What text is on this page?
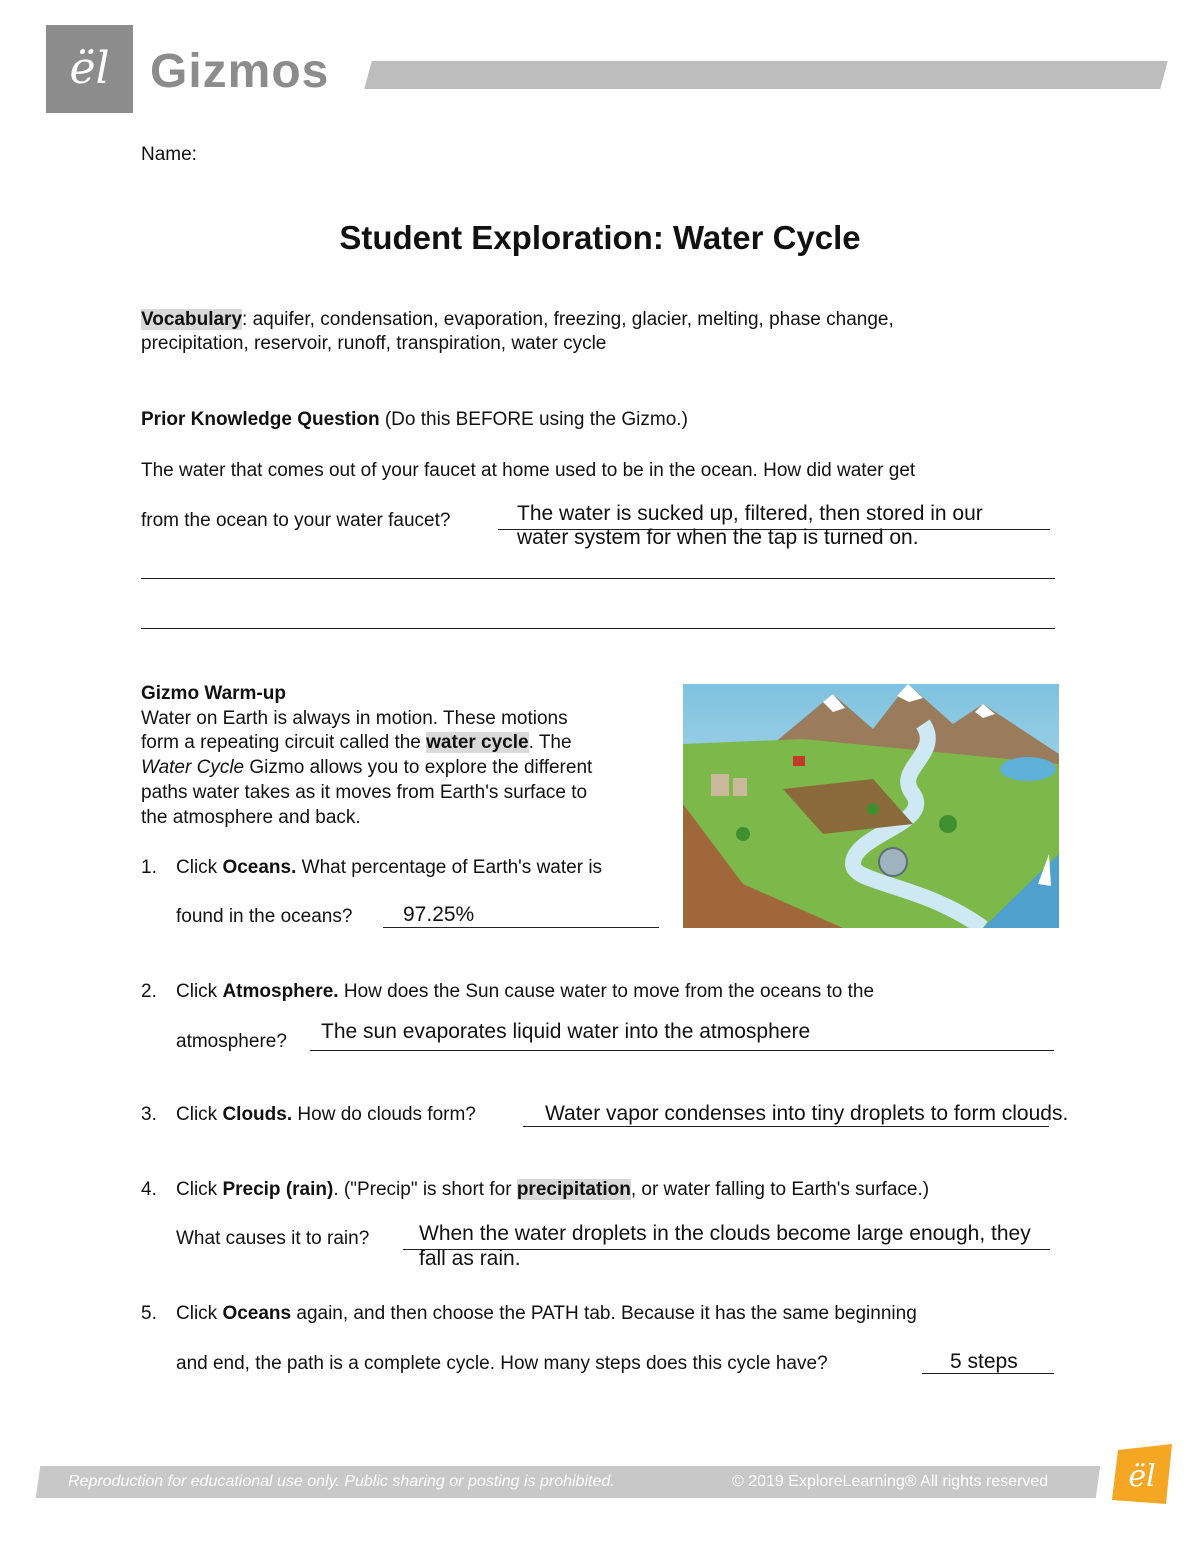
ël Gizmos
Name:
Student Exploration: Water Cycle
Vocabulary: aquifer, condensation, evaporation, freezing, glacier, melting, phase change,
precipitation, reservoir, runoff, transpiration, water cycle
Prior Knowledge Question (Do this BEFORE using the Gizmo.)
The water that comes out of your faucet at home used to be in the ocean. How did water get
from the ocean to your water faucet?	The water is sucked up, filtered, then stored in our
water system for when the tap is turned on.
Gizmo Warm-up
Water on Earth is always in motion. These motions
form a repeating circuit called the water cycle. The
Water Cycle Gizmo allows you to explore the different
paths water takes as it moves from Earth's surface to
the atmosphere and back.
1. Click Oceans. What percentage of Earth's water is
found in the oceans? 97.25%
2. Click Atmosphere. How does the Sun cause water to move from the oceans to the
atmosphere? The sun evaporates liquid water into the atmosphere
3. Click Clouds. How do clouds form?	Water vapor condenses into tiny droplets to form clouds.
4. Click Precip (rain). ("Precip" is short for precipitation, or water falling to Earth's surface.)
What causes it to rain? When the water droplets in the clouds become large enough, they
fall as rain.
5. Click Oceans again, and then choose the PATH tab. Because it has the same beginning
and end, the path is a complete cycle. How many steps does this cycle have?	5 steps
Reproduction for educational use only. Public sharing or posting is prohibited.	© 2019 ExploreLearning® All rights reserved	ël
